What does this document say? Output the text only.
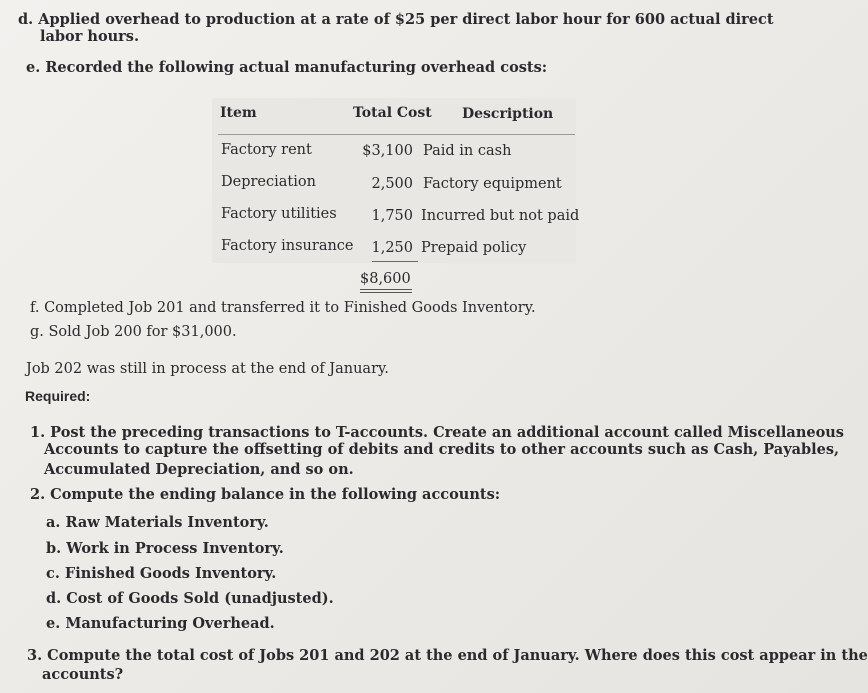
d. Applied overhead to production at a rate of $25 per direct labor hour for 600 actual direct
labor hours.
e. Recorded the following actual manufacturing overhead costs:
Item	Total Cost Description
Factory rent	$3,100 Paid in cash
Depreciation	2,500 Factory equipment
Factory utilities	1,750 Incurred but not paid
Factory insurance	1,250 Prepaid policy
$8,600
f. Completed Job 201 and transferred it to Finished Goods Inventory.
g. Sold Job 200 for $31,000.
Job 202 was still in process at the end of January.
Required:
1. Post the preceding transactions to T-accounts. Create an additional account called Miscellaneous
Accounts to capture the offsetting of debits and credits to other accounts such as Cash, Payables,
Accumulated Depreciation, and so on.
2. Compute the ending balance in the following accounts:
a. Raw Materials Inventory.
b. Work in Process Inventory.
c. Finished Goods Inventory.
d. Cost of Goods Sold (unadjusted).
e. Manufacturing Overhead.
3. Compute the total cost of Jobs 201 and 202 at the end of January. Where does this cost appear in the
accounts?
